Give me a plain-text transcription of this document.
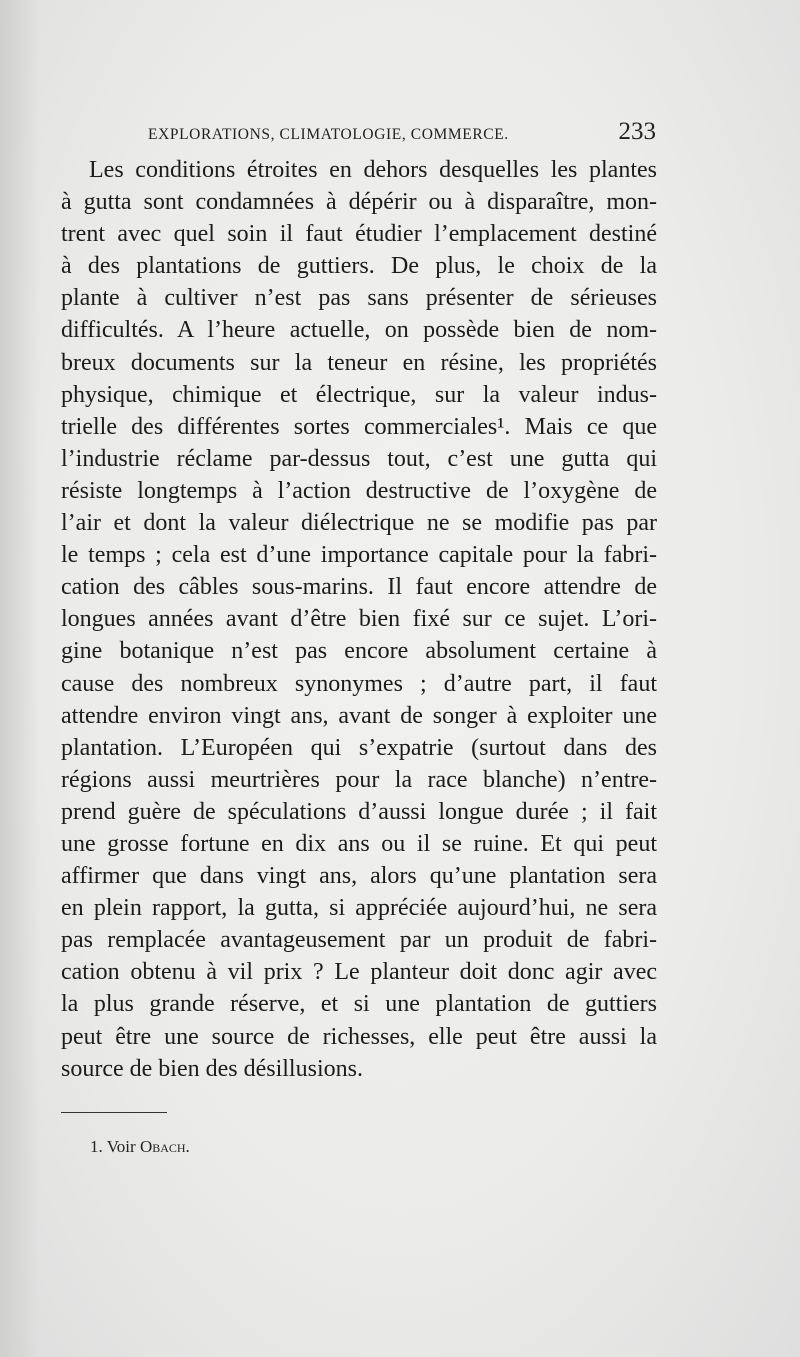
EXPLORATIONS, CLIMATOLOGIE, COMMERCE.	233
Les conditions étroites en dehors desquelles les plantes
à gutta sont condamnées à dépérir ou à disparaître, mon-
trent avec quel soin il faut étudier l’emplacement destiné
à des plantations de guttiers. De plus, le choix de la
plante à cultiver n’est pas sans présenter de sérieuses
difficultés. A l’heure actuelle, on possède bien de nom-
breux documents sur la teneur en résine, les propriétés
physique, chimique et électrique, sur la valeur indus-
trielle des différentes sortes commerciales¹. Mais ce que
l’industrie réclame par-dessus tout, c’est une gutta qui
résiste longtemps à l’action destructive de l’oxygène de
l’air et dont la valeur diélectrique ne se modifie pas par
le temps ; cela est d’une importance capitale pour la fabri-
cation des câbles sous-marins. Il faut encore attendre de
longues années avant d’être bien fixé sur ce sujet. L’ori-
gine botanique n’est pas encore absolument certaine à
cause des nombreux synonymes ; d’autre part, il faut
attendre environ vingt ans, avant de songer à exploiter une
plantation. L’Européen qui s’expatrie (surtout dans des
régions aussi meurtrières pour la race blanche) n’entre-
prend guère de spéculations d’aussi longue durée ; il fait
une grosse fortune en dix ans ou il se ruine. Et qui peut
affirmer que dans vingt ans, alors qu’une plantation sera
en plein rapport, la gutta, si appréciée aujourd’hui, ne sera
pas remplacée avantageusement par un produit de fabri-
cation obtenu à vil prix ? Le planteur doit donc agir avec
la plus grande réserve, et si une plantation de guttiers
peut être une source de richesses, elle peut être aussi la
source de bien des désillusions.
1. Voir Obach.
